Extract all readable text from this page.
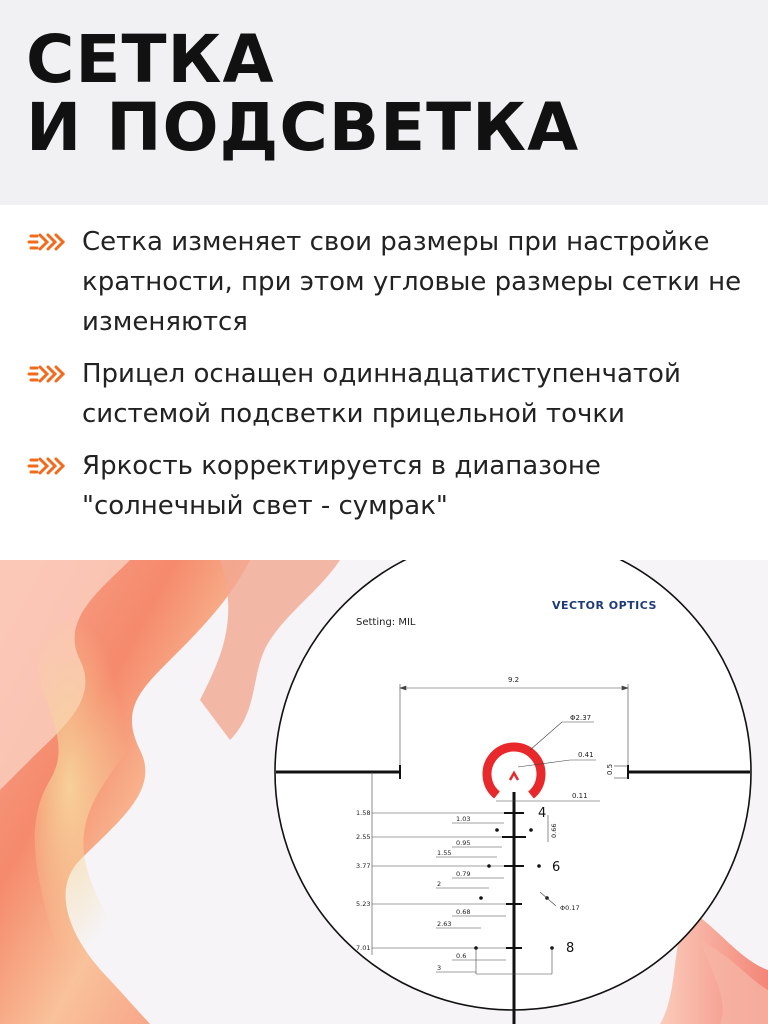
СЕТКА
И ПОДСВЕТКА
Сетка изменяет свои размеры при настройке кратности, при этом угловые размеры сетки не изменяются
Прицел оснащен одиннадцатиступенчатой системой подсветки прицельной точки
Яркость корректируется в диапазоне "солнечный свет - сумрак"
Setting: MIL
VECTOR OPTICS
9.2
Φ2.37
0.41
0.5
0.11
1.58
1.03	4
0.66
2.55
0.95
1.55
3.77
0.79
2
6
5.23
0.68
2.63
Φ0.17
7.01
0.6
3
8
